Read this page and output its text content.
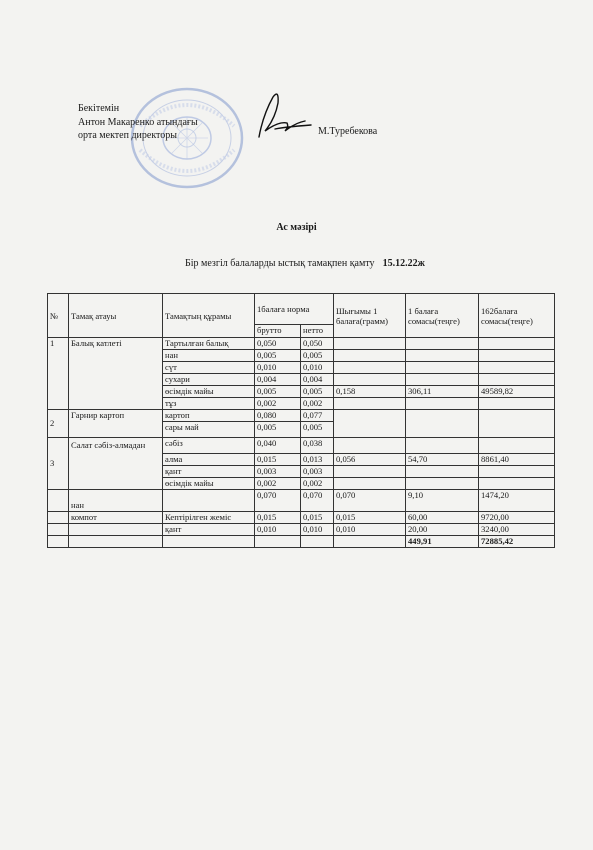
Бекітемін
Антон Макаренко атындағы
орта мектеп директоры	М.Туребекова
Ас мәзірі
Бір мезгіл балаларды ыстық тамақпен қамту 15.12.22ж
№	Тамақ атауы	Тамақтың құрамы	1балаға норма		Шығымы 1 балаға(грамм)	1 балаға сомасы(теңге)	162балаға сомасы(теңге)
			брутто	нетто			
1	Балық катлеті	Тартылған балық	0,050	0,050			
		нан	0,005	0,005			
		сүт	0,010	0,010			
		сухари	0,004	0,004			
		өсімдік майы	0,005	0,005	0,158	306,11	49589,82
		тұз	0,002	0,002			
2	Гарнир картоп	картоп	0,080	0,077			
		сары май	0,005	0,005			
3	Салат сәбіз-алмадан	сәбіз	0,040	0,038			
		алма	0,015	0,013	0,056	54,70	8861,40
		қант	0,003	0,003			
		өсімдік майы	0,002	0,002			
	нан		0,070	0,070	0,070	9,10	1474,20
	компот	Кептірілген жеміс	0,015	0,015	0,015	60,00	9720,00
		қант	0,010	0,010	0,010	20,00	3240,00
						449,91	72885,42
